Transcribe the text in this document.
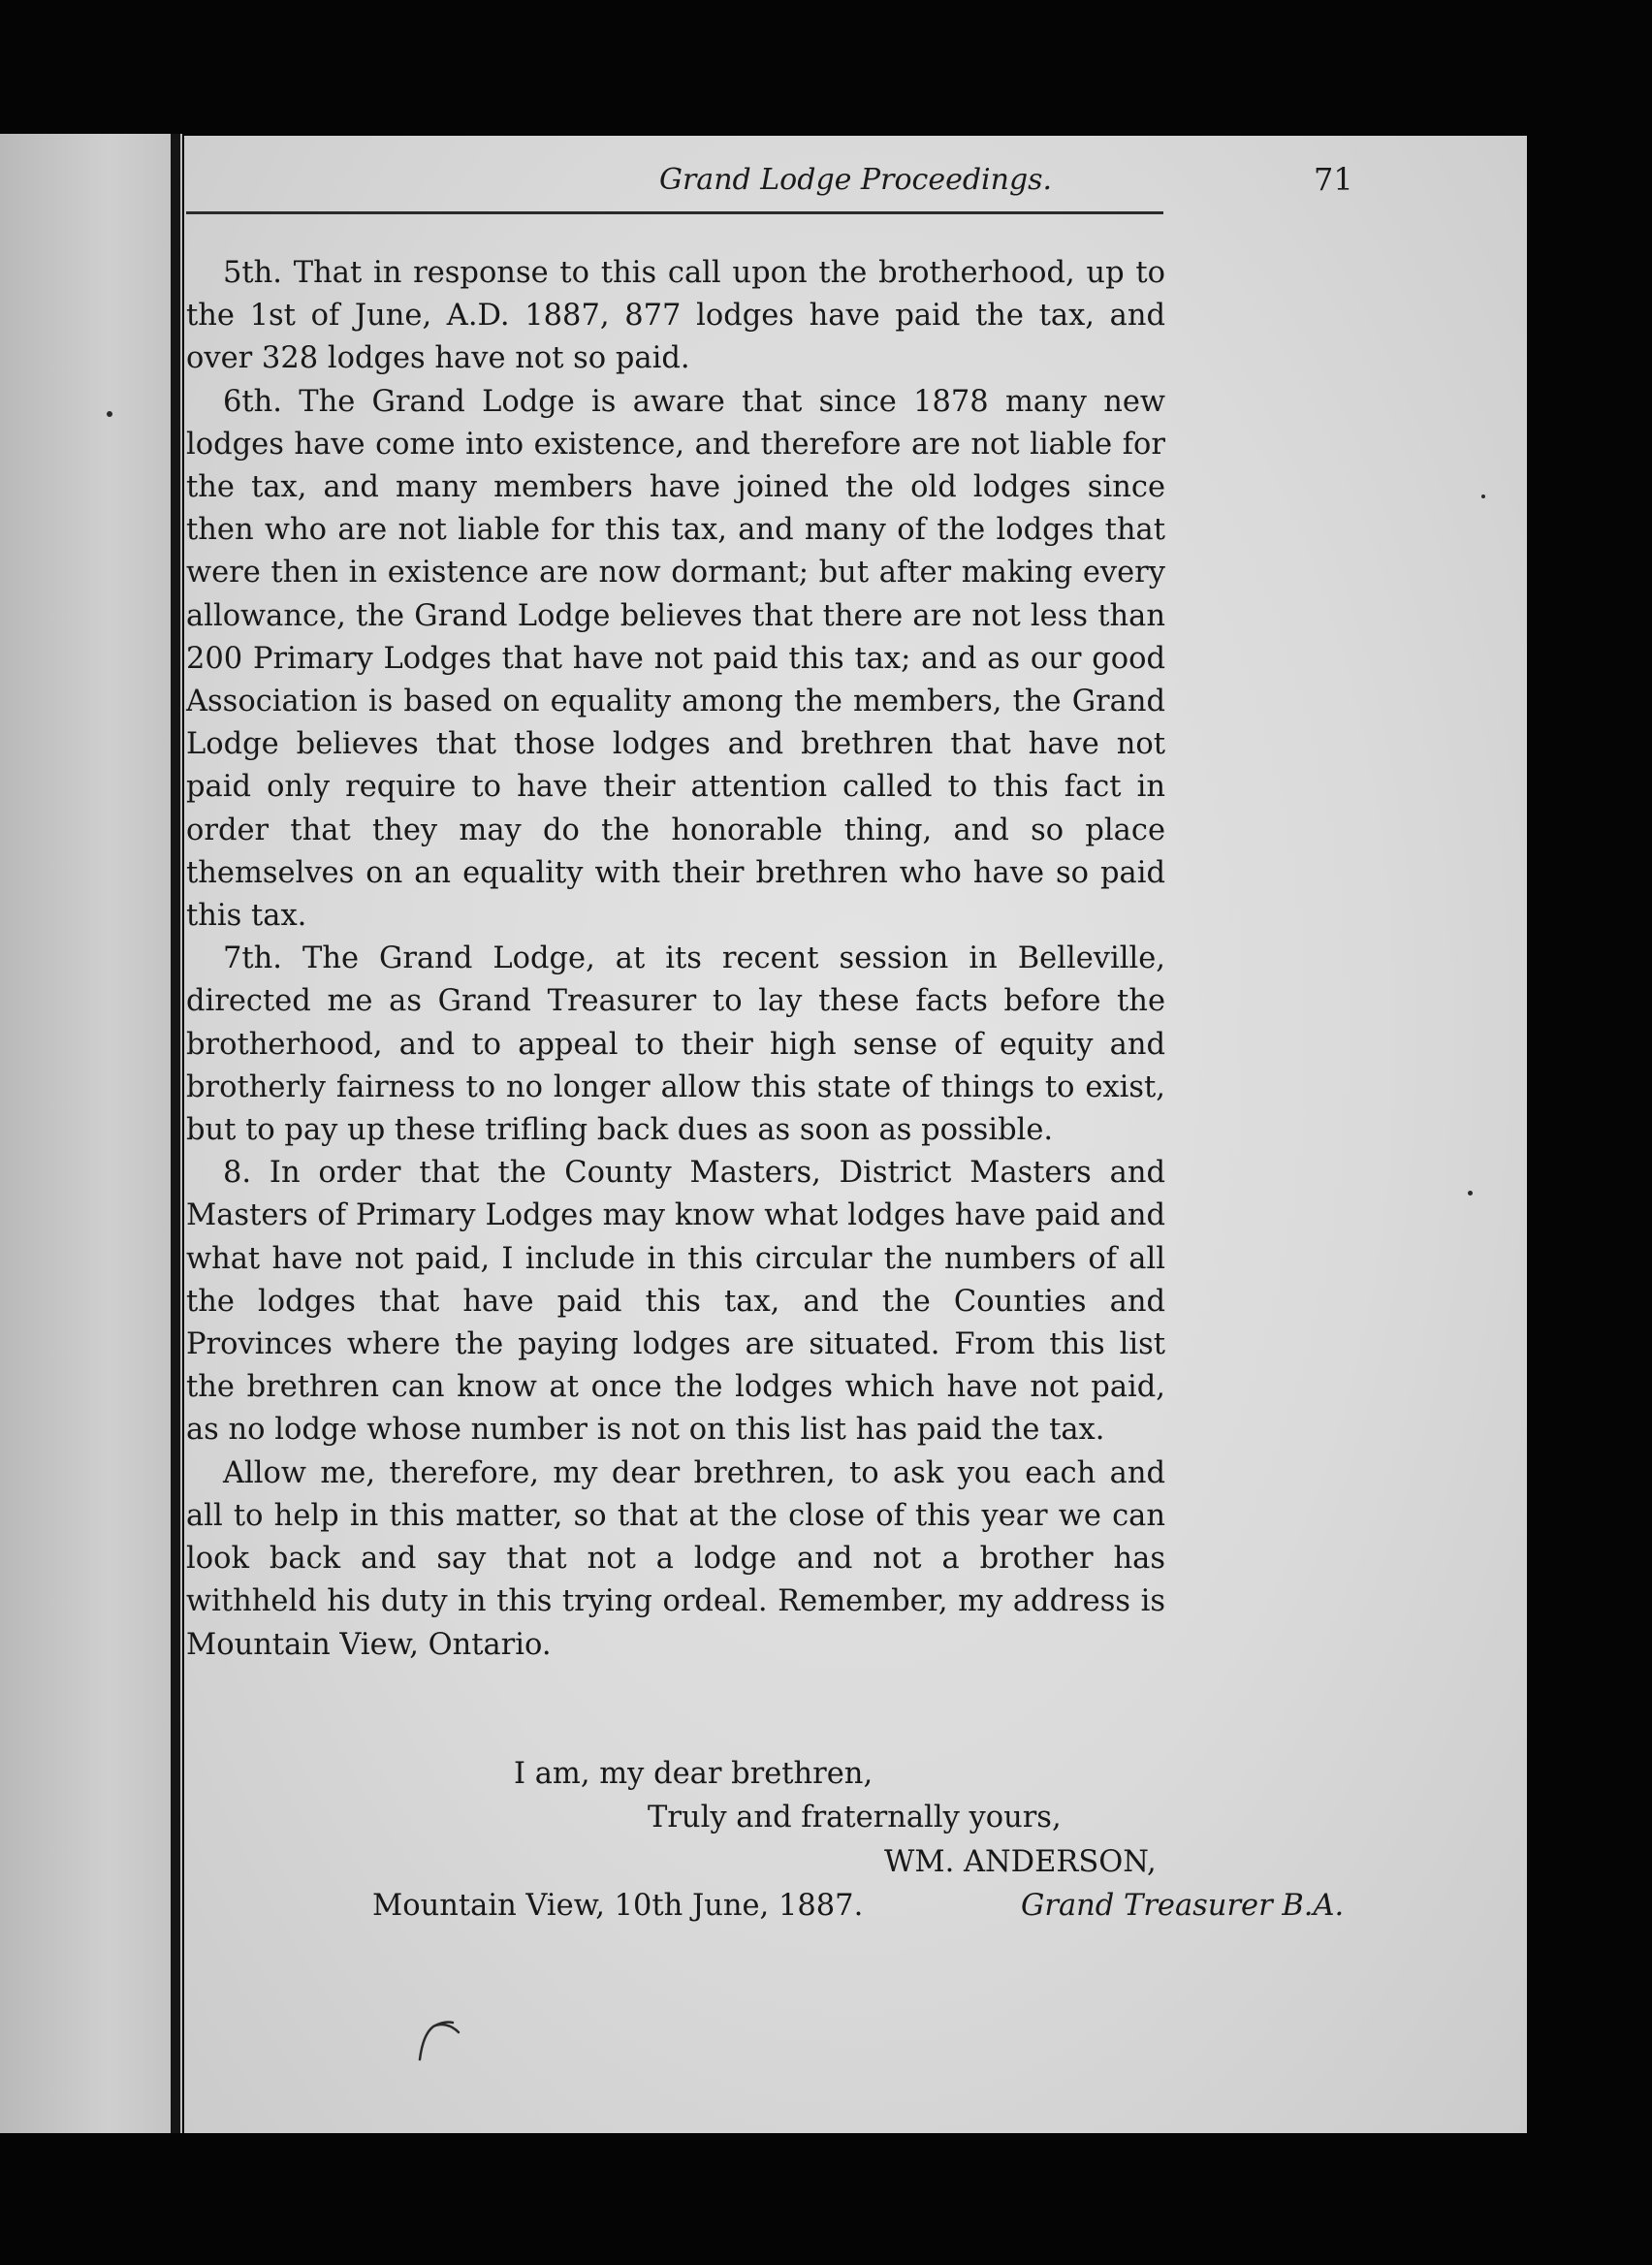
Grand Lodge Proceedings.	71

5th. That in response to this call upon the brotherhood, up to the 1st of June, A.D. 1887, 877 lodges have paid the tax, and over 328 lodges have not so paid.

6th. The Grand Lodge is aware that since 1878 many new lodges have come into existence, and therefore are not liable for the tax, and many members have joined the old lodges since then who are not liable for this tax, and many of the lodges that were then in existence are now dormant; but after making every allowance, the Grand Lodge believes that there are not less than 200 Primary Lodges that have not paid this tax; and as our good Association is based on equality among the members, the Grand Lodge believes that those lodges and brethren that have not paid only require to have their attention called to this fact in order that they may do the honorable thing, and so place themselves on an equality with their brethren who have so paid this tax.

7th. The Grand Lodge, at its recent session in Belleville, directed me as Grand Treasurer to lay these facts before the brotherhood, and to appeal to their high sense of equity and brotherly fairness to no longer allow this state of things to exist, but to pay up these trifling back dues as soon as possible.

8. In order that the County Masters, District Masters and Masters of Primary Lodges may know what lodges have paid and what have not paid, I include in this circular the numbers of all the lodges that have paid this tax, and the Counties and Provinces where the paying lodges are situated. From this list the brethren can know at once the lodges which have not paid, as no lodge whose number is not on this list has paid the tax.

Allow me, therefore, my dear brethren, to ask you each and all to help in this matter, so that at the close of this year we can look back and say that not a lodge and not a brother has withheld his duty in this trying ordeal. Remember, my address is Mountain View, Ontario.

I am, my dear brethren,
Truly and fraternally yours,
WM. ANDERSON,
Mountain View, 10th June, 1887.	Grand Treasurer B.A.
